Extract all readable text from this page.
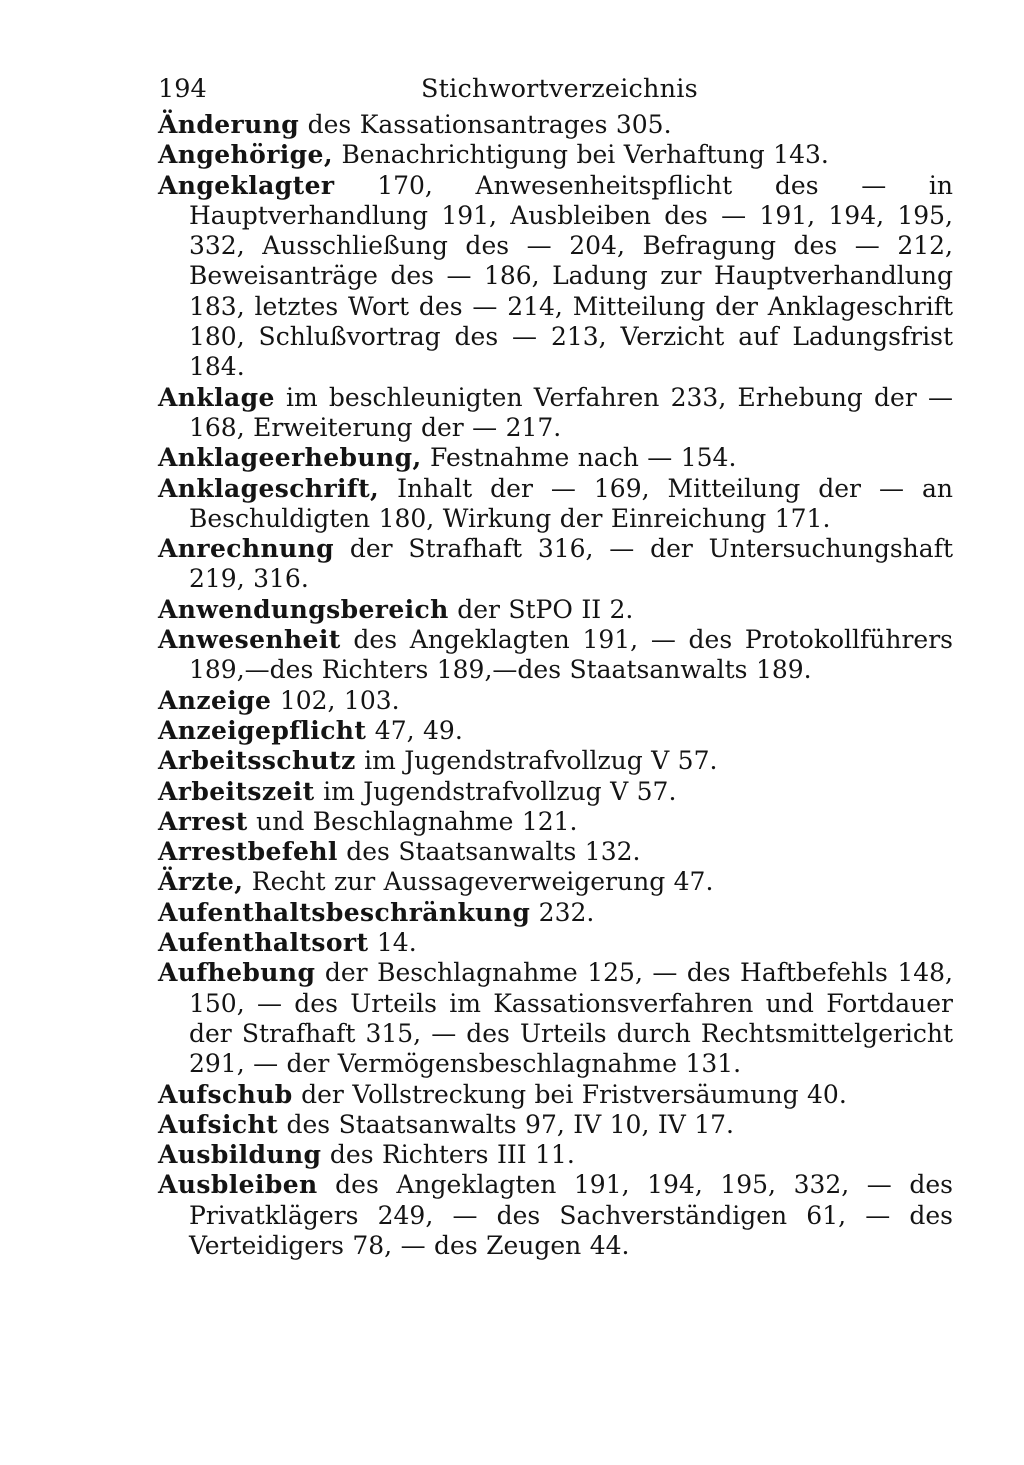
194	Stichwortverzeichnis
Änderung des Kassationsantrages 305.
Angehörige, Benachrichtigung bei Verhaftung 143.
Angeklagter 170, Anwesenheitspflicht des — in Hauptverhandlung 191, Ausbleiben des — 191, 194, 195, 332, Ausschließung des — 204, Befragung des — 212, Beweisanträge des — 186, Ladung zur Hauptverhandlung 183, letztes Wort des — 214, Mitteilung der Anklageschrift 180, Schlußvortrag des — 213, Verzicht auf Ladungsfrist 184.
Anklage im beschleunigten Verfahren 233, Erhebung der — 168, Erweiterung der — 217.
Anklageerhebung, Festnahme nach — 154.
Anklageschrift, Inhalt der — 169, Mitteilung der — an Beschuldigten 180, Wirkung der Einreichung 171.
Anrechnung der Strafhaft 316, — der Untersuchungshaft 219, 316.
Anwendungsbereich der StPO II 2.
Anwesenheit des Angeklagten 191, — des Protokollführers 189,—des Richters 189,—des Staatsanwalts 189.
Anzeige 102, 103.
Anzeigepflicht 47, 49.
Arbeitsschutz im Jugendstrafvollzug V 57.
Arbeitszeit im Jugendstrafvollzug V 57.
Arrest und Beschlagnahme 121.
Arrestbefehl des Staatsanwalts 132.
Ärzte, Recht zur Aussageverweigerung 47.
Aufenthaltsbeschränkung 232.
Aufenthaltsort 14.
Aufhebung der Beschlagnahme 125, — des Haftbefehls 148, 150, — des Urteils im Kassationsverfahren und Fortdauer der Strafhaft 315, — des Urteils durch Rechtsmittelgericht 291, — der Vermögensbeschlagnahme 131.
Aufschub der Vollstreckung bei Fristversäumung 40.
Aufsicht des Staatsanwalts 97, IV 10, IV 17.
Ausbildung des Richters III 11.
Ausbleiben des Angeklagten 191, 194, 195, 332, — des Privatklägers 249, — des Sachverständigen 61, — des Verteidigers 78, — des Zeugen 44.
